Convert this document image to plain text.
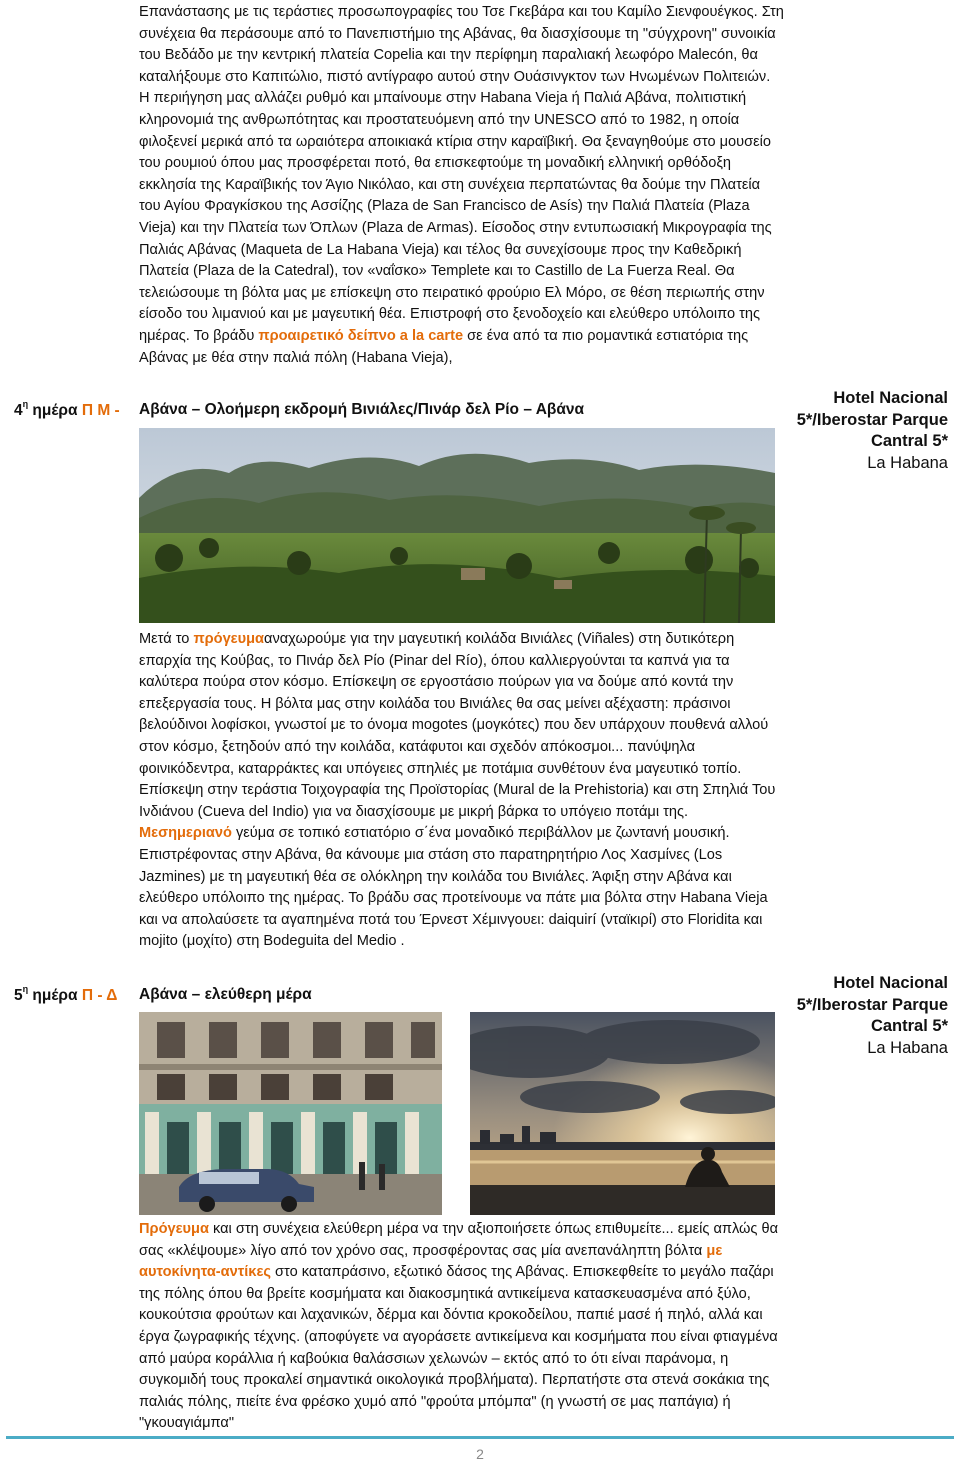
Επανάστασης με τις τεράστιες προσωπογραφίες του Τσε Γκεβάρα και του Καμίλο Σιενφουέγκος. Στη συνέχεια θα περάσουμε από το Πανεπιστήμιο της Αβάνας, θα διασχίσουμε τη "σύγχρονη" συνοικία του Βεδάδο με την κεντρική πλατεία Copelia και την περίφημη παραλιακή λεωφόρο Malecón, θα καταλήξουμε στο Καπιτώλιο, πιστό αντίγραφο αυτού στην Ουάσινγκτον των Ηνωμένων Πολιτειών. Η περιήγηση μας αλλάζει ρυθμό και μπαίνουμε στην Habana Vieja ή Παλιά Αβάνα, πολιτιστική κληρονομιά της ανθρωπότητας και προστατευόμενη από την UNESCO από το 1982, η οποία φιλοξενεί μερικά από τα ωραιότερα αποικιακά κτίρια στην καραϊβική. Θα ξεναγηθούμε στο μουσείο του ρουμιού όπου μας προσφέρεται ποτό, θα επισκεφτούμε τη μοναδική ελληνική ορθόδοξη εκκλησία της Καραϊβικής τον Άγιο Νικόλαο, και στη συνέχεια περπατώντας θα δούμε την Πλατεία του Αγίου Φραγκίσκου της Ασσίζης (Plaza de San Francisco de Asís) την Παλιά Πλατεία (Plaza Vieja) και την Πλατεία των Όπλων (Plaza de Armas). Είσοδος στην εντυπωσιακή Μικρογραφία της Παλιάς Αβάνας (Maqueta de La Habana Vieja) και τέλος θα συνεχίσουμε προς την Καθεδρική Πλατεία (Plaza de la Catedral), τον «ναΐσκο» Templete και το Castillo de La Fuerza Real. Θα τελειώσουμε τη βόλτα μας με επίσκεψη στο πειρατικό φρούριο Ελ Μόρο, σε θέση περιωπής στην είσοδο του λιμανιού και με μαγευτική θέα. Επιστροφή στο ξενοδοχείο και ελεύθερο υπόλοιπο της ημέρας. Το βράδυ προαιρετικό δείπνο a la carte σε ένα από τα πιο ρομαντικά εστιατόρια της Αβάνας με θέα στην παλιά πόλη (Habana Vieja),

$4^\eta$ ημέρα Π Μ - Αβάνα – Ολοήμερη εκδρομή Βινιάλες/Πινάρ δελ Ρίο – Αβάνα
Hotel Nacional
5*/Iberostar Parque
Cantral 5*
La Habana

Μετά το πρόγευμααναχωρούμε για την μαγευτική κοιλάδα Βινιάλες (Viñales) στη δυτικότερη επαρχία της Κούβας, το Πινάρ δελ Ρίο (Pinar del Río), όπου καλλιεργούνται τα καπνά για τα καλύτερα πούρα στον κόσμο. Επίσκεψη σε εργοστάσιο πούρων για να δούμε από κοντά την επεξεργασία τους. Η βόλτα μας στην κοιλάδα του Βινιάλες θα σας μείνει αξέχαστη: πράσινοι βελούδινοι λοφίσκοι, γνωστοί με το όνομα mogotes (μογκότες) που δεν υπάρχουν πουθενά αλλού στον κόσμο, ξετηδούν από την κοιλάδα, κατάφυτοι και σχεδόν απόκοσμοι... πανύψηλα φοινικόδεντρα, καταρράκτες και υπόγειες σπηλιές με ποτάμια συνθέτουν ένα μαγευτικό τοπίο. Επίσκεψη στην τεράστια Τοιχογραφία της Προϊστορίας (Mural de la Prehistoria) και στη Σπηλιά Του Ινδιάνου (Cueva del Indio) για να διασχίσουμε με μικρή βάρκα το υπόγειο ποτάμι της. Μεσημεριανό γεύμα σε τοπικό εστιατόριο σ΄ένα μοναδικό περιβάλλον με ζωντανή μουσική. Επιστρέφοντας στην Αβάνα, θα κάνουμε μια στάση στο παρατηρητήριο Λος Χασμίνες (Los Jazmines) με τη μαγευτική θέα σε ολόκληρη την κοιλάδα του Βινιάλες. Άφιξη στην Αβάνα και ελεύθερο υπόλοιπο της ημέρας. Το βράδυ σας προτείνουμε να πάτε μια βόλτα στην Habana Vieja και να απολαύσετε τα αγαπημένα ποτά του Έρνεστ Χέμινγουει: daiquirí (νταϊκιρί) στο Floridita και mojito (μοχίτο) στη Bodeguita del Medio .

$5^\eta$ ημέρα Π - Δ Αβάνα – ελεύθερη μέρα
Hotel Nacional
5*/Iberostar Parque
Cantral 5*
La Habana

Πρόγευμα και στη συνέχεια ελεύθερη μέρα να την αξιοποιήσετε όπως επιθυμείτε... εμείς απλώς θα σας «κλέψουμε» λίγο από τον χρόνο σας, προσφέροντας σας μία ανεπανάληπτη βόλτα με αυτοκίνητα-αντίκες στο καταπράσινο, εξωτικό δάσος της Αβάνας. Επισκεφθείτε το μεγάλο παζάρι της πόλης όπου θα βρείτε κοσμήματα και διακοσμητικά αντικείμενα κατασκευασμένα από ξύλο, κουκούτσια φρούτων και λαχανικών, δέρμα και δόντια κροκοδείλου, παπιέ μασέ ή πηλό, αλλά και έργα ζωγραφικής τέχνης. (αποφύγετε να αγοράσετε αντικείμενα και κοσμήματα που είναι φτιαγμένα από μαύρα κοράλλια ή καβούκια θαλάσσιων χελωνών – εκτός από το ότι είναι παράνομα, η συγκομιδή τους προκαλεί σημαντικά οικολογικά προβλήματα). Περπατήστε στα στενά σοκάκια της παλιάς πόλης, πιείτε ένα φρέσκο χυμό από "φρούτα μπόμπα" (η γνωστή σε μας παπάγια) ή "γκουαγιάμπα"

2
